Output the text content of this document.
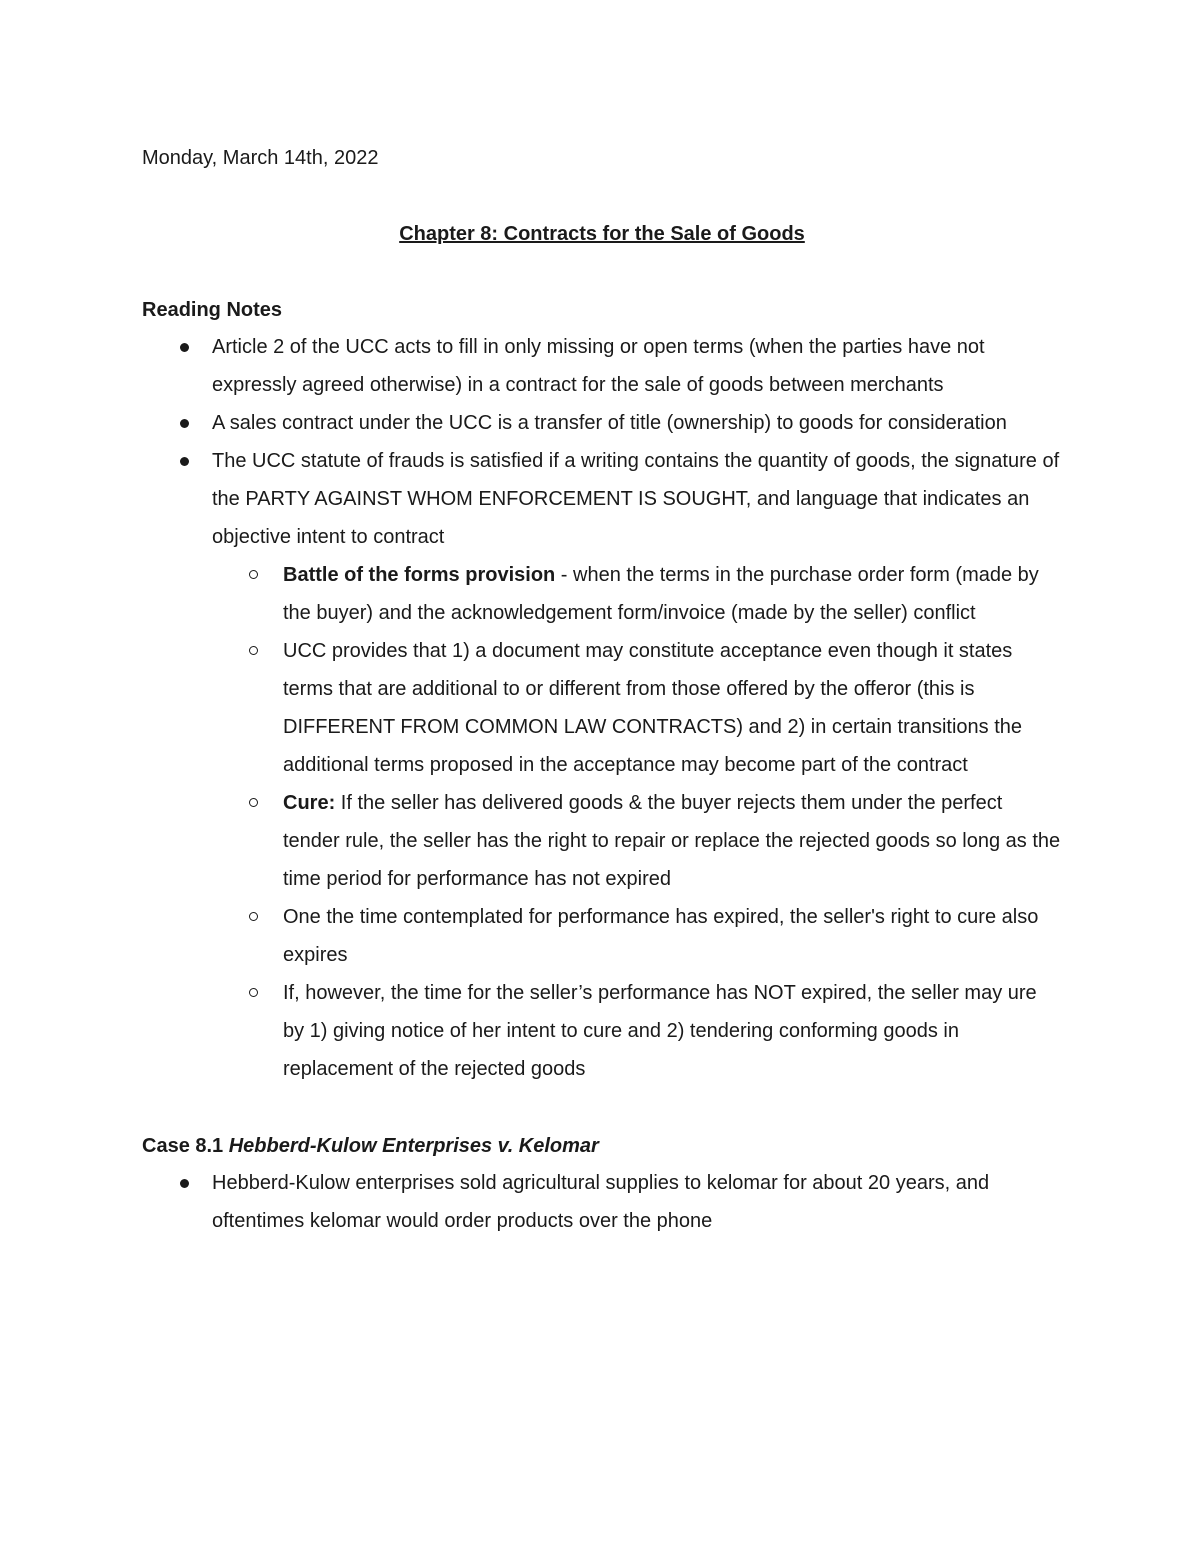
Monday, March 14th, 2022

Chapter 8: Contracts for the Sale of Goods
Reading Notes
Article 2 of the UCC acts to fill in only missing or open terms (when the parties have not expressly agreed otherwise) in a contract for the sale of goods between merchants
A sales contract under the UCC is a transfer of title (ownership) to goods for consideration
The UCC statute of frauds is satisfied if a writing contains the quantity of goods, the signature of the PARTY AGAINST WHOM ENFORCEMENT IS SOUGHT, and language that indicates an objective intent to contract
Battle of the forms provision - when the terms in the purchase order form (made by the buyer) and the acknowledgement form/invoice (made by the seller) conflict
UCC provides that 1) a document may constitute acceptance even though it states terms that are additional to or different from those offered by the offeror (this is DIFFERENT FROM COMMON LAW CONTRACTS) and 2) in certain transitions the additional terms proposed in the acceptance may become part of the contract
Cure: If the seller has delivered goods & the buyer rejects them under the perfect tender rule, the seller has the right to repair or replace the rejected goods so long as the time period for performance has not expired
One the time contemplated for performance has expired, the seller's right to cure also expires
If, however, the time for the seller’s performance has NOT expired, the seller may ure by 1) giving notice of her intent to cure and 2) tendering conforming goods in replacement of the rejected goods
Case 8.1 Hebberd-Kulow Enterprises v. Kelomar
Hebberd-Kulow enterprises sold agricultural supplies to kelomar for about 20 years, and oftentimes kelomar would order products over the phone
